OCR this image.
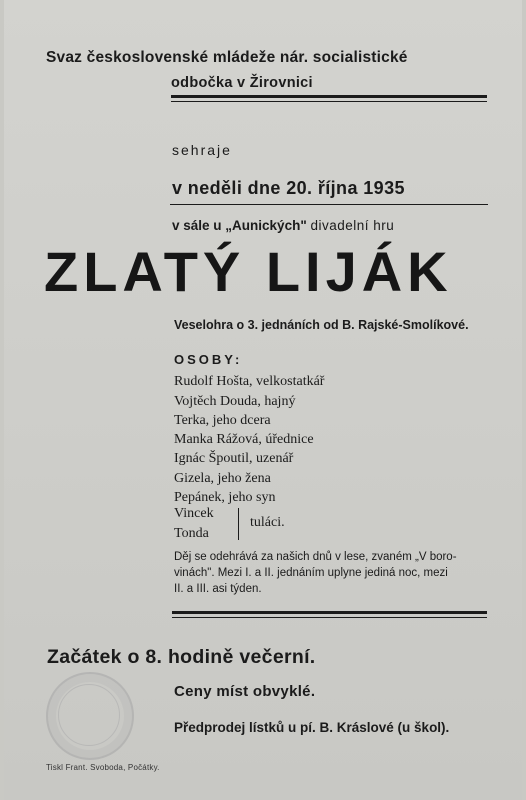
Svaz československé mládeže nár. socialistické
odbočka v Žirovnici
sehraje
v neděli dne 20. října 1935
v sále u „Aunických" divadelní hru
ZLATÝ LIJÁK
Veselohra o 3. jednáních od B. Rajské-Smolíkové.
OSOBY:
Rudolf Hošta, velkostatkář
Vojtěch Douda, hajný
Terka, jeho dcera
Manka Rážová, úřednice
Ignác Špoutil, uzenář
Gizela, jeho žena
Pepánek, jeho syn
Vincek
Tonda
tuláci.
Děj se odehrává za našich dnů v lese, zvaném „V boro-
vinách". Mezi I. a II. jednáním uplyne jediná noc, mezi
II. a III. asi týden.
Začátek o 8. hodině večerní.
Ceny míst obvyklé.
Předprodej lístků u pí. B. Kráslové (u škol).
Tiskl Frant. Svoboda, Počátky.
